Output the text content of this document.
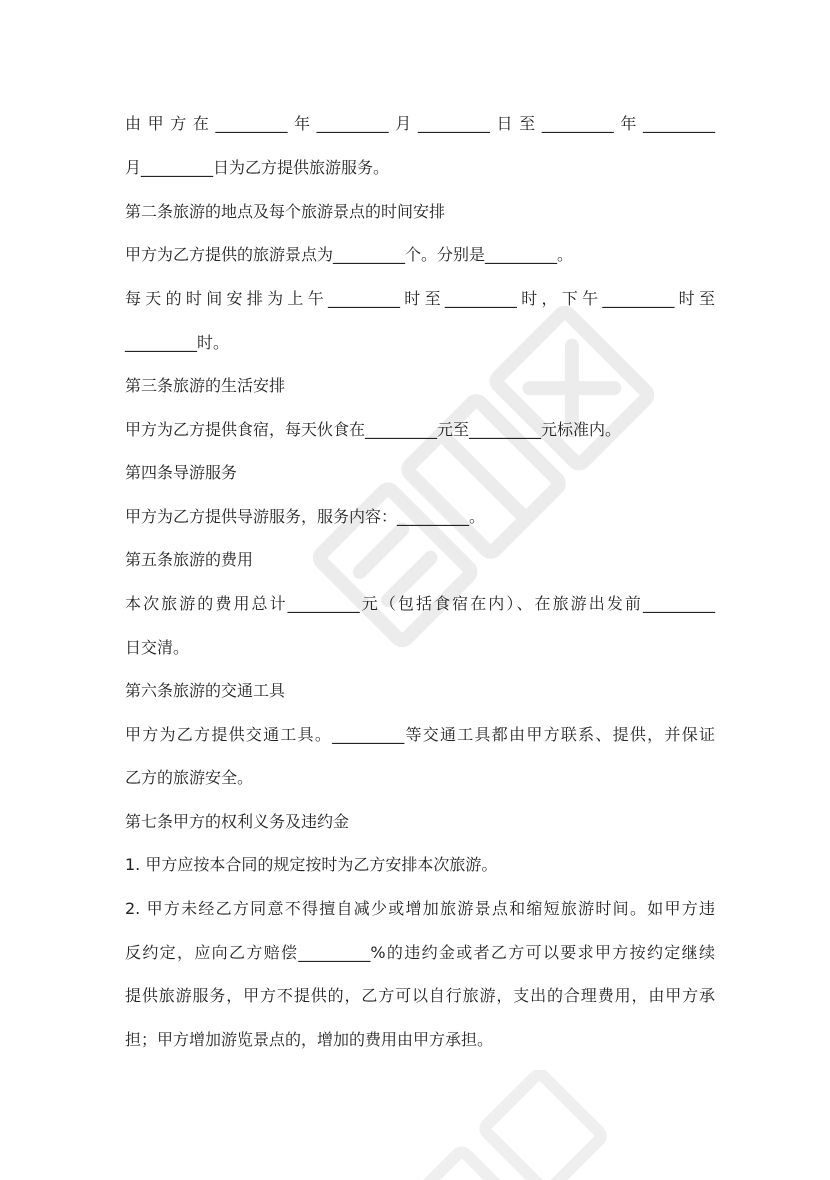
由甲方在_________年_________月_________日至_________年_________
月_________日为乙方提供旅游服务。
第二条旅游的地点及每个旅游景点的时间安排
甲方为乙方提供的旅游景点为_________个。分别是_________。
每天的时间安排为上午_________时至_________时，下午_________时至
_________时。
第三条旅游的生活安排
甲方为乙方提供食宿，每天伙食在_________元至_________元标准内。
第四条导游服务
甲方为乙方提供导游服务，服务内容：_________。
第五条旅游的费用
本次旅游的费用总计_________元（包括食宿在内）、在旅游出发前_________
日交清。
第六条旅游的交通工具
甲方为乙方提供交通工具。_________等交通工具都由甲方联系、提供，并保证
乙方的旅游安全。
第七条甲方的权利义务及违约金
1. 甲方应按本合同的规定按时为乙方安排本次旅游。
2. 甲方未经乙方同意不得擅自减少或增加旅游景点和缩短旅游时间。如甲方违
反约定，应向乙方赔偿_________%的违约金或者乙方可以要求甲方按约定继续
提供旅游服务，甲方不提供的，乙方可以自行旅游，支出的合理费用，由甲方承
担；甲方增加游览景点的，增加的费用由甲方承担。
